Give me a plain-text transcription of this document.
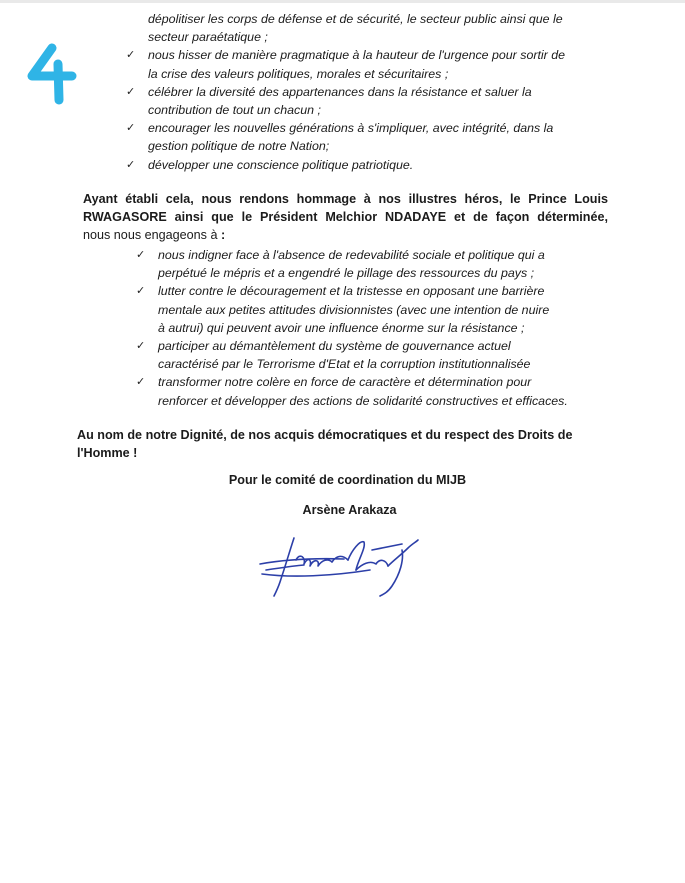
dépolitiser les corps de défense et de sécurité, le secteur public ainsi que le
secteur paraétatique ;
✓ nous hisser de manière pragmatique à la hauteur de l'urgence pour sortir de
la crise des valeurs politiques, morales et sécuritaires ;
✓ célébrer la diversité des appartenances dans la résistance et saluer la
contribution de tout un chacun ;
✓ encourager les nouvelles générations à s'impliquer, avec intégrité, dans la
gestion politique de notre Nation;
✓ développer une conscience politique patriotique.

Ayant établi cela, nous rendons hommage à nos illustres héros, le Prince Louis
RWAGASORE ainsi que le Président Melchior NDADAYE et de façon déterminée,
nous nous engageons à :

✓ nous indigner face à l'absence de redevabilité sociale et politique qui a
perpétué le mépris et a engendré le pillage des ressources du pays ;
✓ lutter contre le découragement et la tristesse en opposant une barrière
mentale aux petites attitudes divisionnistes (avec une intention de nuire
à autrui) qui peuvent avoir une influence énorme sur la résistance ;
✓ participer au démantèlement du système de gouvernance actuel
caractérisé par le Terrorisme d'Etat et la corruption institutionnalisée
✓ transformer notre colère en force de caractère et détermination pour
renforcer et développer des actions de solidarité constructives et efficaces.

Au nom de notre Dignité, de nos acquis démocratiques et du respect des Droits de
l'Homme !

Pour le comité de coordination du MIJB
Arsène Arakaza
